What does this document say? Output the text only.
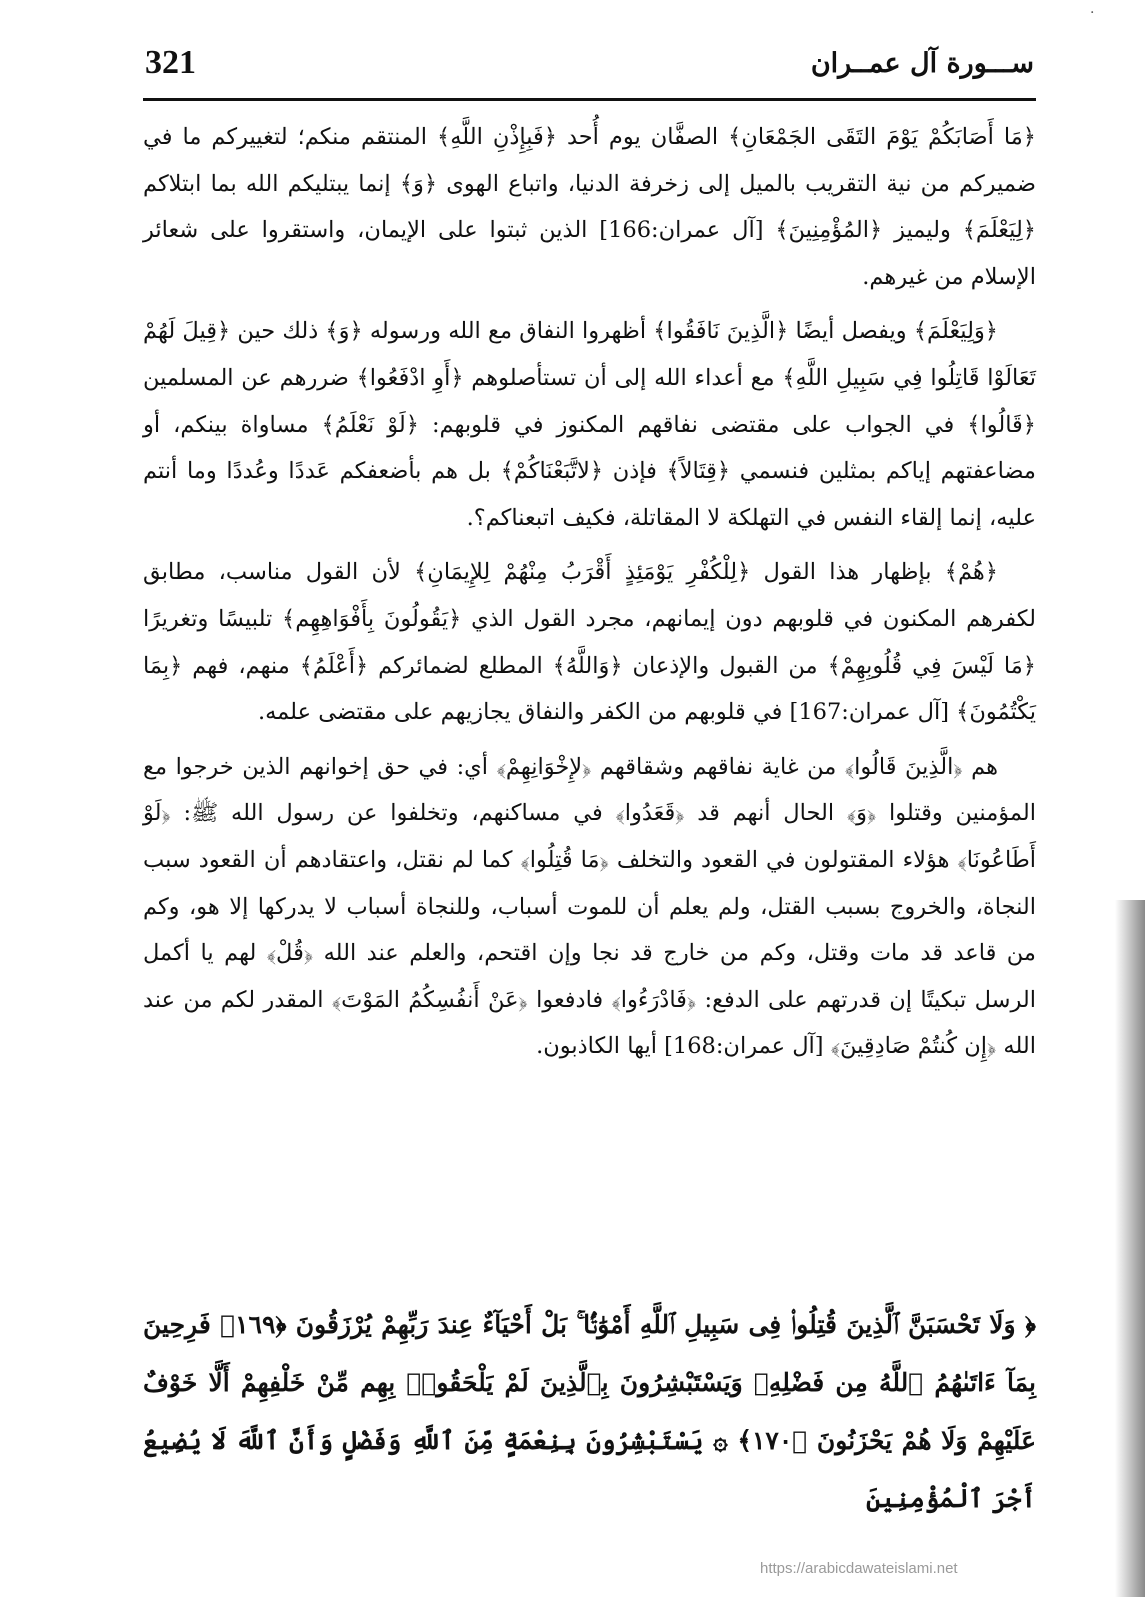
·
321	ســـورة آل عمــران

﴿مَا أَصَابَكُمْ يَوْمَ التَقَى الجَمْعَانِ﴾ الصفَّان يوم أُحد ﴿فَبِإِذْنِ اللَّهِ﴾ المنتقم منكم؛ لتغييركم ما في ضميركم من نية التقريب بالميل إلى زخرفة الدنيا، واتباع الهوى ﴿وَ﴾ إنما يبتليكم الله بما ابتلاكم ﴿لِيَعْلَمَ﴾ وليميز ﴿المُؤْمِنِينَ﴾ [آل عمران:166] الذين ثبتوا على الإيمان، واستقروا على شعائر الإسلام من غيرهم.

﴿وَلِيَعْلَمَ﴾ ويفصل أيضًا ﴿الَّذِينَ نَافَقُوا﴾ أظهروا النفاق مع الله ورسوله ﴿وَ﴾ ذلك حين ﴿قِيلَ لَهُمْ تَعَالَوْا قَاتِلُوا فِي سَبِيلِ اللَّهِ﴾ مع أعداء الله إلى أن تستأصلوهم ﴿أَوِ ادْفَعُوا﴾ ضررهم عن المسلمين ﴿قَالُوا﴾ في الجواب على مقتضى نفاقهم المكنوز في قلوبهم: ﴿لَوْ نَعْلَمُ﴾ مساواة بينكم، أو مضاعفتهم إياكم بمثلين فنسمي ﴿قِتَالاً﴾ فإذن ﴿لاتَّبَعْنَاكُمْ﴾ بل هم بأضعفكم عَددًا وعُددًا وما أنتم عليه، إنما إلقاء النفس في التهلكة لا المقاتلة، فكيف اتبعناكم؟.

﴿هُمْ﴾ بإظهار هذا القول ﴿لِلْكُفْرِ يَوْمَئِذٍ أَقْرَبُ مِنْهُمْ لِلإِيمَانِ﴾ لأن القول مناسب، مطابق لكفرهم المكنون في قلوبهم دون إيمانهم، مجرد القول الذي ﴿يَقُولُونَ بِأَفْوَاهِهِم﴾ تلبيسًا وتغريرًا ﴿مَا لَيْسَ فِي قُلُوبِهِمْ﴾ من القبول والإذعان ﴿وَاللَّهُ﴾ المطلع لضمائركم ﴿أَعْلَمُ﴾ منهم، فهم ﴿بِمَا يَكْتُمُونَ﴾ [آل عمران:167] في قلوبهم من الكفر والنفاق يجازيهم على مقتضى علمه.

هم ﴿الَّذِينَ قَالُوا﴾ من غاية نفاقهم وشقاقهم ﴿لإِخْوَانِهِمْ﴾ أي: في حق إخوانهم الذين خرجوا مع المؤمنين وقتلوا ﴿وَ﴾ الحال أنهم قد ﴿قَعَدُوا﴾ في مساكنهم، وتخلفوا عن رسول الله ﷺ: ﴿لَوْ أَطَاعُونَا﴾ هؤلاء المقتولون في القعود والتخلف ﴿مَا قُتِلُوا﴾ كما لم نقتل، واعتقادهم أن القعود سبب النجاة، والخروج بسبب القتل، ولم يعلم أن للموت أسباب، وللنجاة أسباب لا يدركها إلا هو، وكم من قاعد قد مات وقتل، وكم من خارج قد نجا وإن اقتحم، والعلم عند الله ﴿قُلْ﴾ لهم يا أكمل الرسل تبكيتًا إن قدرتهم على الدفع: ﴿فَادْرَءُوا﴾ فادفعوا ﴿عَنْ أَنفُسِكُمُ المَوْتَ﴾ المقدر لكم من عند الله ﴿إِن كُنتُمْ صَادِقِينَ﴾ [آل عمران:168] أيها الكاذبون.

﴿ وَلَا تَحْسَبَنَّ ٱلَّذِينَ قُتِلُوا۟ فِى سَبِيلِ ٱللَّهِ أَمْوَٰتًۢا ۚ بَلْ أَحْيَآءٌ عِندَ رَبِّهِمْ يُرْزَقُونَ ﴿١٦٩﴾ فَرِحِينَ بِمَآ ءَاتَىٰهُمُ ٱللَّهُ مِن فَضْلِهِۦ وَيَسْتَبْشِرُونَ بِٱلَّذِينَ لَمْ يَلْحَقُوا۟ بِهِم مِّنْ خَلْفِهِمْ أَلَّا خَوْفٌ عَلَيْهِمْ وَلَا هُمْ يَحْزَنُونَ ﴿١٧٠﴾ ۞ يَسْتَبْشِرُونَ بِنِعْمَةٍ مِّنَ ٱللَّهِ وَفَضْلٍ وَأَنَّ ٱللَّهَ لَا يُضِيعُ أَجْرَ ٱلْمُؤْمِنِينَ
https://arabicdawateislami.net
